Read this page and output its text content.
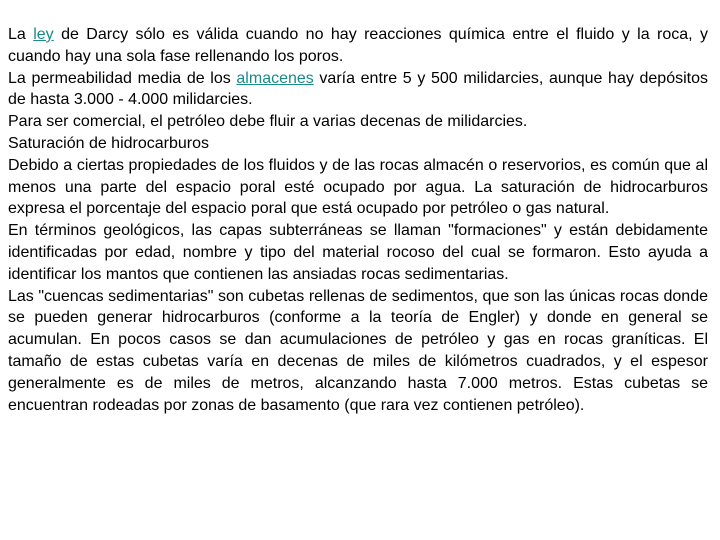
La ley de Darcy sólo es válida cuando no hay reacciones química entre el fluido y la roca, y cuando hay una sola fase rellenando los poros.

La permeabilidad media de los almacenes varía entre 5 y 500 milidarcies, aunque hay depósitos de hasta 3.000 - 4.000 milidarcies.

Para ser comercial, el petróleo debe fluir a varias decenas de milidarcies.

Saturación de hidrocarburos

Debido a ciertas propiedades de los fluidos y de las rocas almacén o reservorios, es común que al menos una parte del espacio poral esté ocupado por agua. La saturación de hidrocarburos expresa el porcentaje del espacio poral que está ocupado por petróleo o gas natural.

En términos geológicos, las capas subterráneas se llaman "formaciones" y están debidamente identificadas por edad, nombre y tipo del material rocoso del cual se formaron. Esto ayuda a identificar los mantos que contienen las ansiadas rocas sedimentarias.

Las "cuencas sedimentarias" son cubetas rellenas de sedimentos, que son las únicas rocas donde se pueden generar hidrocarburos (conforme a la teoría de Engler) y donde en general se acumulan. En pocos casos se dan acumulaciones de petróleo y gas en rocas graníticas. El tamaño de estas cubetas varía en decenas de miles de kilómetros cuadrados, y el espesor generalmente es de miles de metros, alcanzando hasta 7.000 metros. Estas cubetas se encuentran rodeadas por zonas de basamento (que rara vez contienen petróleo).
